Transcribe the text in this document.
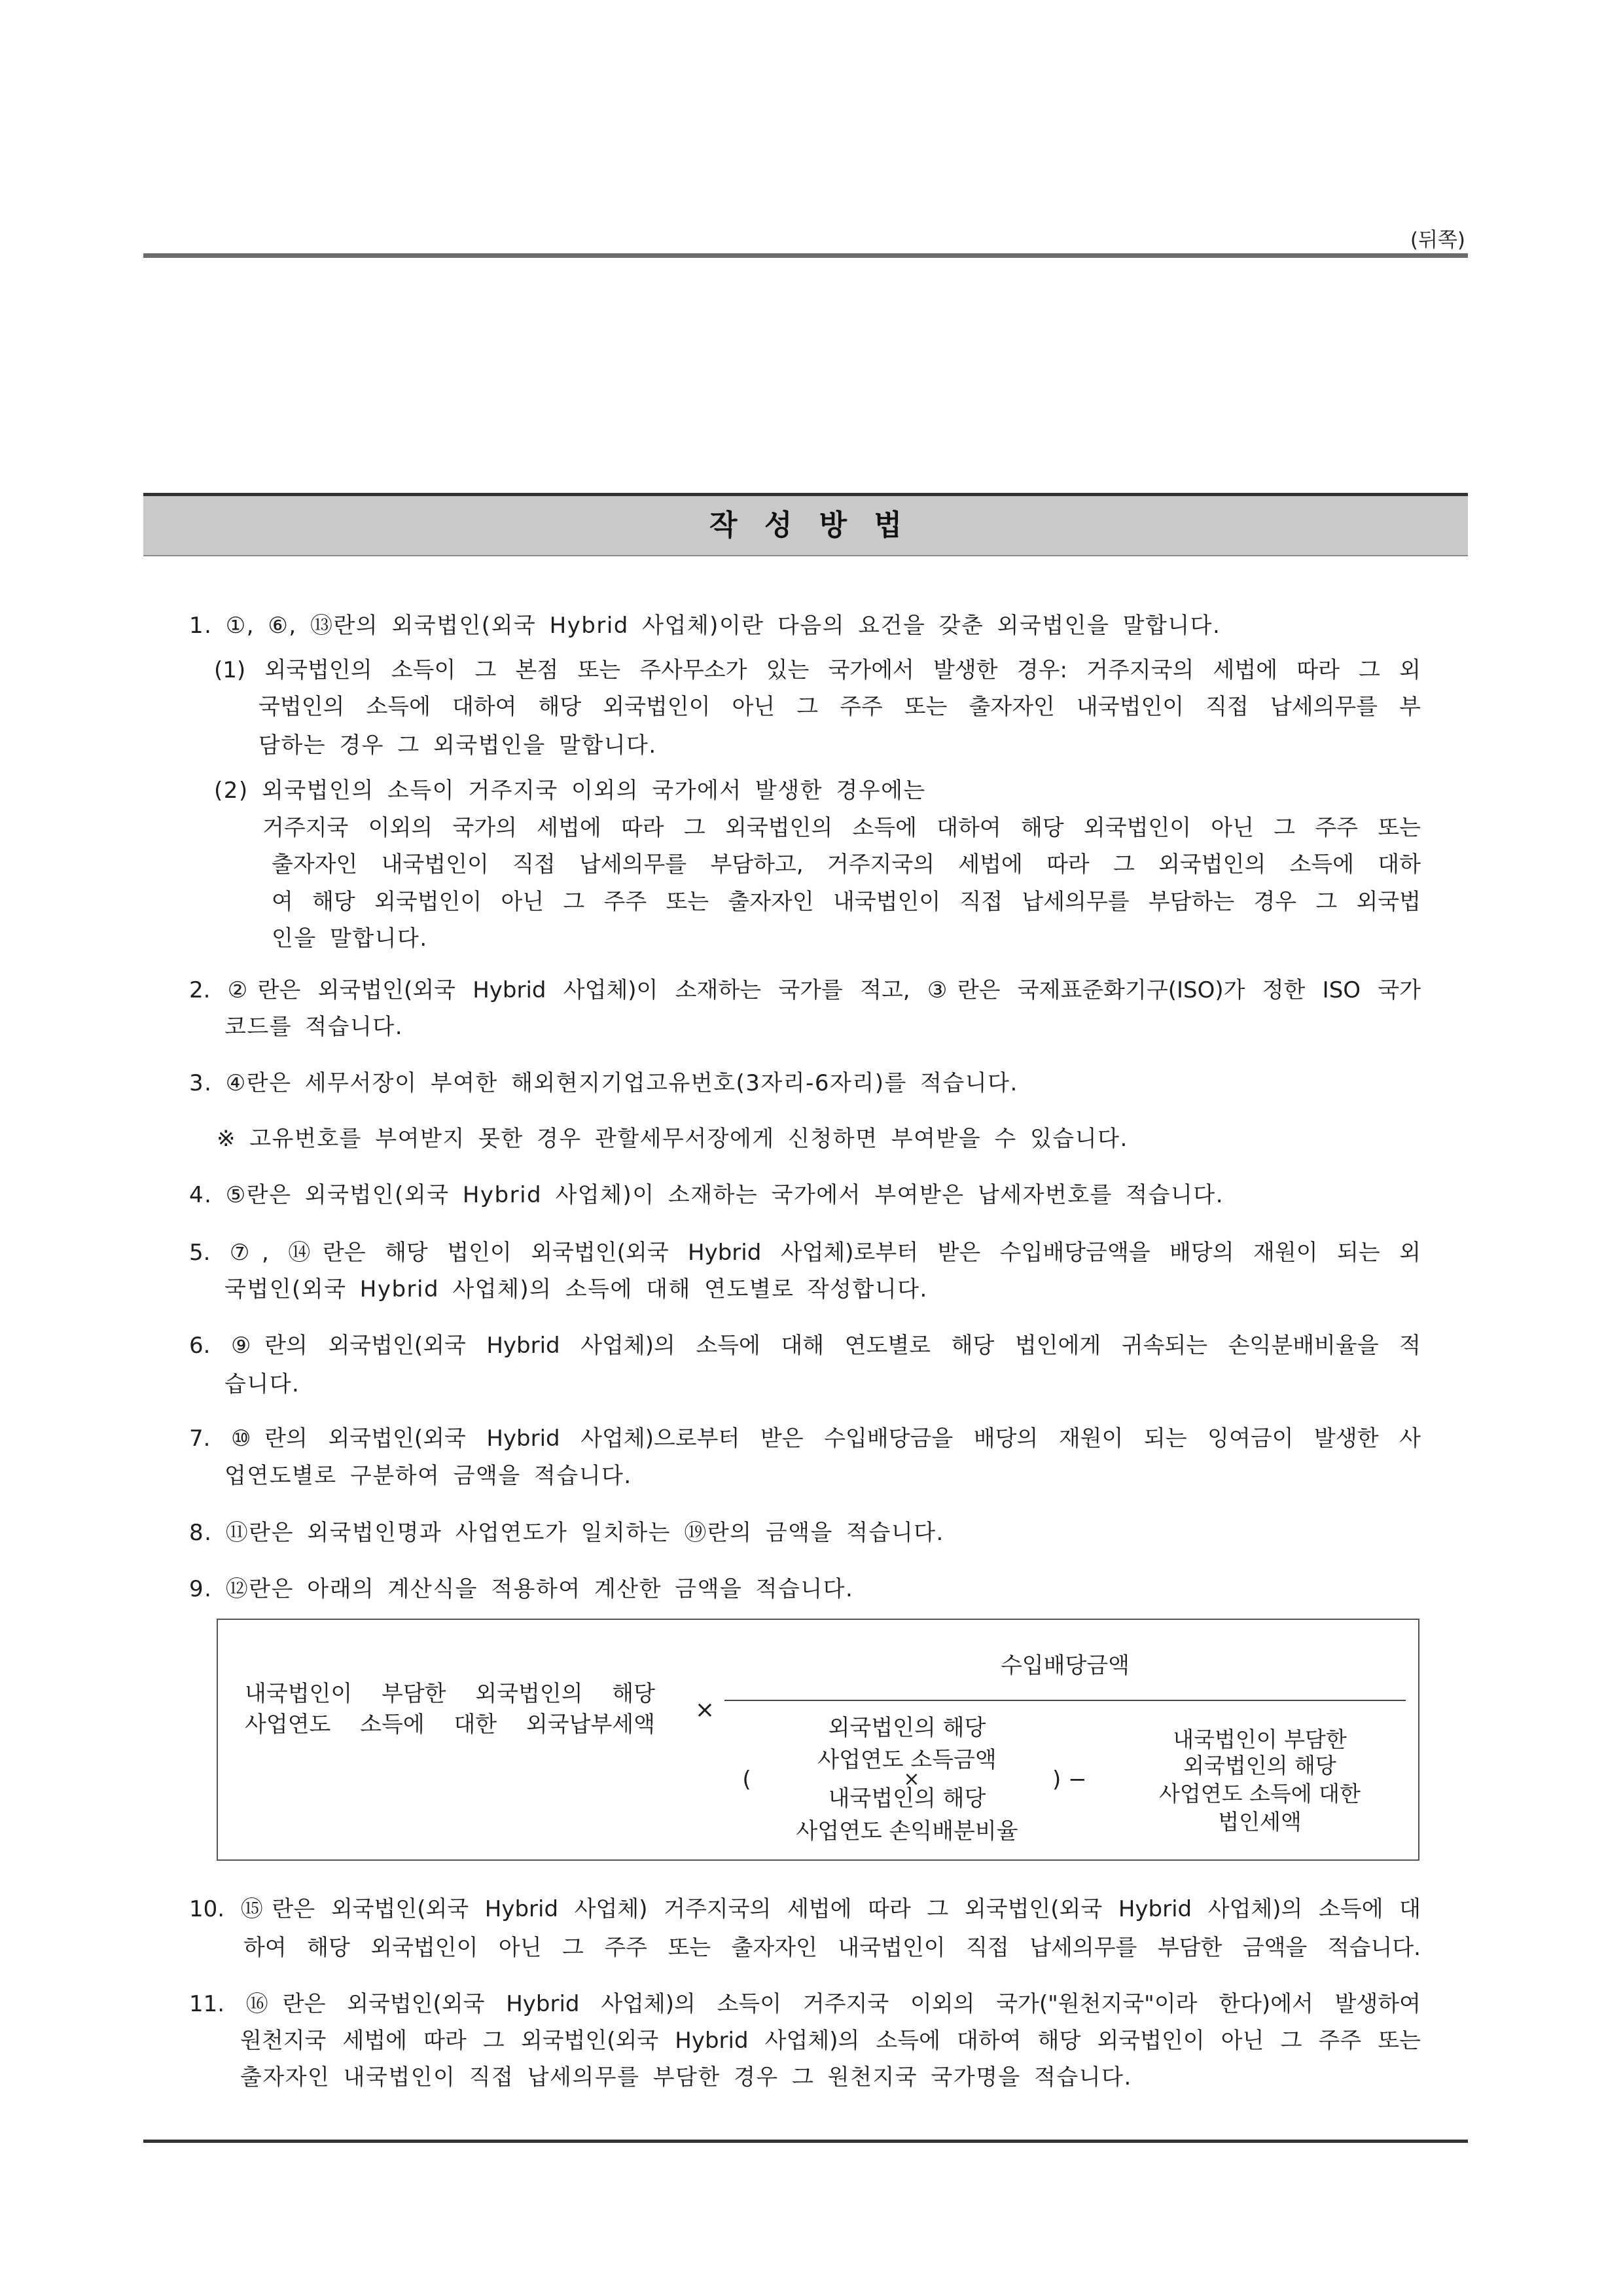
(뒤쪽)
작 성 방 법
1. ①, ⑥, ⑬란의 외국법인(외국 Hybrid 사업체)이란 다음의 요건을 갖춘 외국법인을 말합니다.
(1) 외국법인의 소득이 그 본점 또는 주사무소가 있는 국가에서 발생한 경우: 거주지국의 세법에 따라 그 외
국법인의 소득에 대하여 해당 외국법인이 아닌 그 주주 또는 출자자인 내국법인이 직접 납세의무를 부
담하는 경우 그 외국법인을 말합니다.
(2) 외국법인의 소득이 거주지국 이외의 국가에서 발생한 경우에는
거주지국 이외의 국가의 세법에 따라 그 외국법인의 소득에 대하여 해당 외국법인이 아닌 그 주주 또는
출자자인 내국법인이 직접 납세의무를 부담하고, 거주지국의 세법에 따라 그 외국법인의 소득에 대하
여 해당 외국법인이 아닌 그 주주 또는 출자자인 내국법인이 직접 납세의무를 부담하는 경우 그 외국법
인을 말합니다.
2. ②란은 외국법인(외국 Hybrid 사업체)이 소재하는 국가를 적고, ③란은 국제표준화기구(ISO)가 정한 ISO 국가
코드를 적습니다.
3. ④란은 세무서장이 부여한 해외현지기업고유번호(3자리-6자리)를 적습니다.
※ 고유번호를 부여받지 못한 경우 관할세무서장에게 신청하면 부여받을 수 있습니다.
4. ⑤란은 외국법인(외국 Hybrid 사업체)이 소재하는 국가에서 부여받은 납세자번호를 적습니다.
5. ⑦, ⑭란은 해당 법인이 외국법인(외국 Hybrid 사업체)로부터 받은 수입배당금액을 배당의 재원이 되는 외
국법인(외국 Hybrid 사업체)의 소득에 대해 연도별로 작성합니다.
6. ⑨란의 외국법인(외국 Hybrid 사업체)의 소득에 대해 연도별로 해당 법인에게 귀속되는 손익분배비율을 적
습니다.
7. ⑩란의 외국법인(외국 Hybrid 사업체)으로부터 받은 수입배당금을 배당의 재원이 되는 잉여금이 발생한 사
업연도별로 구분하여 금액을 적습니다.
8. ⑪란은 외국법인명과 사업연도가 일치하는 ⑲란의 금액을 적습니다.
9. ⑫란은 아래의 계산식을 적용하여 계산한 금액을 적습니다.
내국법인이 부담한 외국법인의 해당
사업연도 소득에 대한 외국납부세액
×
수입배당금액
(
외국법인의 해당
사업연도 소득금액
×
내국법인의 해당
사업연도 손익배분비율
) −
내국법인이 부담한
외국법인의 해당
사업연도 소득에 대한
법인세액
10. ⑮란은 외국법인(외국 Hybrid 사업체) 거주지국의 세법에 따라 그 외국법인(외국 Hybrid 사업체)의 소득에 대
하여 해당 외국법인이 아닌 그 주주 또는 출자자인 내국법인이 직접 납세의무를 부담한 금액을 적습니다.
11. ⑯란은 외국법인(외국 Hybrid 사업체)의 소득이 거주지국 이외의 국가("원천지국"이라 한다)에서 발생하여
원천지국 세법에 따라 그 외국법인(외국 Hybrid 사업체)의 소득에 대하여 해당 외국법인이 아닌 그 주주 또는
출자자인 내국법인이 직접 납세의무를 부담한 경우 그 원천지국 국가명을 적습니다.
